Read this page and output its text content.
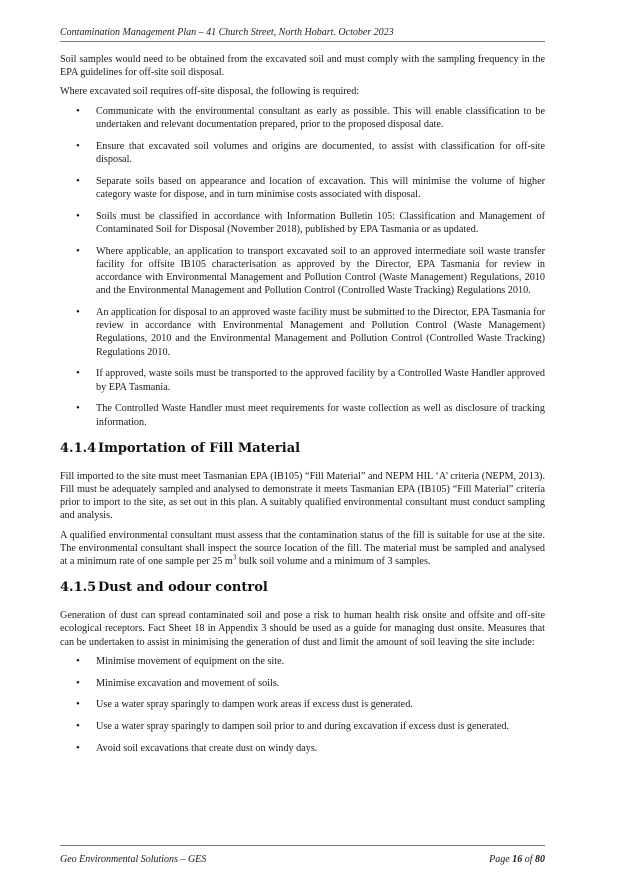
Contamination Management Plan – 41 Church Street, North Hobart. October 2023

Soil samples would need to be obtained from the excavated soil and must comply with the sampling frequency in the EPA guidelines for off-site soil disposal.

Where excavated soil requires off-site disposal, the following is required:

• Communicate with the environmental consultant as early as possible. This will enable classification to be undertaken and relevant documentation prepared, prior to the proposed disposal date.
• Ensure that excavated soil volumes and origins are documented, to assist with classification for off-site disposal.
• Separate soils based on appearance and location of excavation. This will minimise the volume of higher category waste for dispose, and in turn minimise costs associated with disposal.
• Soils must be classified in accordance with Information Bulletin 105: Classification and Management of Contaminated Soil for Disposal (November 2018), published by EPA Tasmania or as updated.
• Where applicable, an application to transport excavated soil to an approved intermediate soil waste transfer facility for offsite IB105 characterisation as approved by the Director, EPA Tasmania for review in accordance with Environmental Management and Pollution Control (Waste Management) Regulations, 2010 and the Environmental Management and Pollution Control (Controlled Waste Tracking) Regulations 2010.
• An application for disposal to an approved waste facility must be submitted to the Director, EPA Tasmania for review in accordance with Environmental Management and Pollution Control (Waste Management) Regulations, 2010 and the Environmental Management and Pollution Control (Controlled Waste Tracking) Regulations 2010.
• If approved, waste soils must be transported to the approved facility by a Controlled Waste Handler approved by EPA Tasmania.
• The Controlled Waste Handler must meet requirements for waste collection as well as disclosure of tracking information.
4.1.4 Importation of Fill Material

Fill imported to the site must meet Tasmanian EPA (IB105) “Fill Material” and NEPM HIL ‘A’ criteria (NEPM, 2013). Fill must be adequately sampled and analysed to demonstrate it meets Tasmanian EPA (IB105) “Fill Material” criteria prior to import to the site, as set out in this plan. A suitably qualified environmental consultant must conduct sampling and analysis.

A qualified environmental consultant must assess that the contamination status of the fill is suitable for use at the site. The environmental consultant shall inspect the source location of the fill. The material must be sampled and analysed at a minimum rate of one sample per 25 $m^3$ bulk soil volume and a minimum of 3 samples.

4.1.5 Dust and odour control

Generation of dust can spread contaminated soil and pose a risk to human health risk onsite and offsite and off-site ecological receptors. Fact Sheet 18 in Appendix 3 should be used as a guide for managing dust onsite. Measures that can be undertaken to assist in minimising the generation of dust and limit the amount of soil leaving the site include:

• Minimise movement of equipment on the site.
• Minimise excavation and movement of soils.
• Use a water spray sparingly to dampen work areas if excess dust is generated.
• Use a water spray sparingly to dampen soil prior to and during excavation if excess dust is generated.
• Avoid soil excavations that create dust on windy days.
Geo Environmental Solutions – GES	Page 16 of 80
